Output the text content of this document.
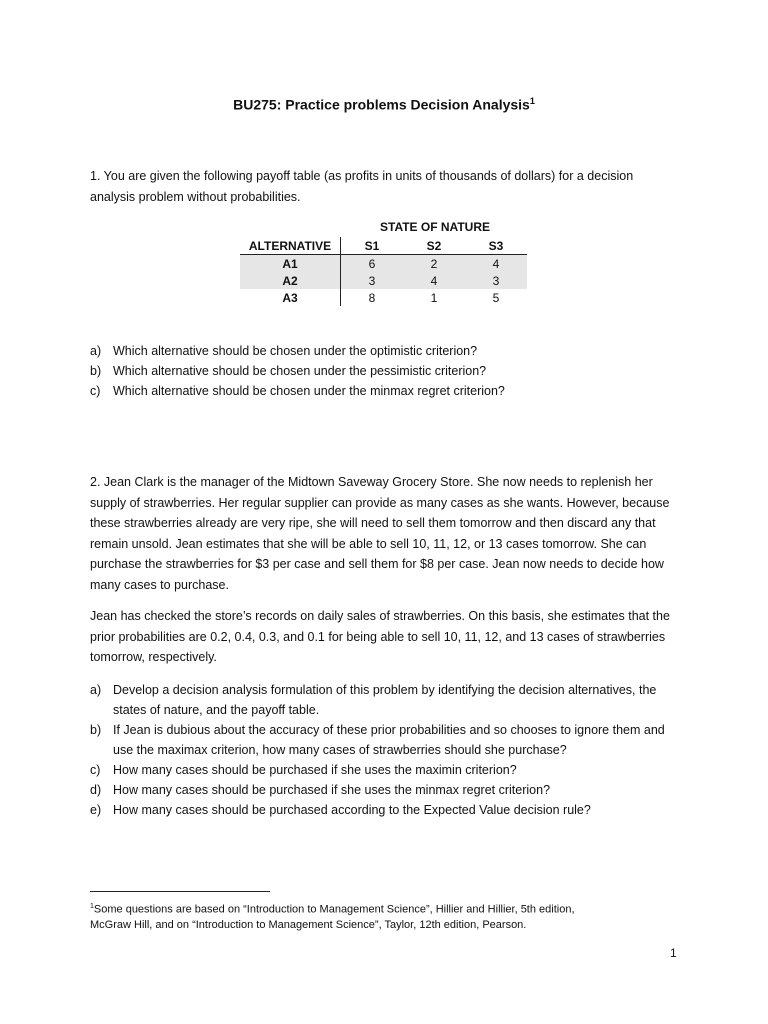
BU275: Practice problems Decision Analysis$^1$
1. You are given the following payoff table (as profits in units of thousands of dollars) for a decision analysis problem without probabilities.
STATE OF NATURE
ALTERNATIVE	S1	S2	S3
A1	6	2	4
A2	3	4	3
A3	8	1	5
a) Which alternative should be chosen under the optimistic criterion?
b) Which alternative should be chosen under the pessimistic criterion?
c) Which alternative should be chosen under the minmax regret criterion?
2. Jean Clark is the manager of the Midtown Saveway Grocery Store. She now needs to replenish her supply of strawberries. Her regular supplier can provide as many cases as she wants. However, because these strawberries already are very ripe, she will need to sell them tomorrow and then discard any that remain unsold. Jean estimates that she will be able to sell 10, 11, 12, or 13 cases tomorrow. She can purchase the strawberries for $3 per case and sell them for $8 per case. Jean now needs to decide how many cases to purchase.
Jean has checked the store’s records on daily sales of strawberries. On this basis, she estimates that the prior probabilities are 0.2, 0.4, 0.3, and 0.1 for being able to sell 10, 11, 12, and 13 cases of strawberries tomorrow, respectively.
a) Develop a decision analysis formulation of this problem by identifying the decision alternatives, the states of nature, and the payoff table.
b) If Jean is dubious about the accuracy of these prior probabilities and so chooses to ignore them and use the maximax criterion, how many cases of strawberries should she purchase?
c) How many cases should be purchased if she uses the maximin criterion?
d) How many cases should be purchased if she uses the minmax regret criterion?
e) How many cases should be purchased according to the Expected Value decision rule?
$^1$Some questions are based on “Introduction to Management Science”, Hillier and Hillier, 5th edition, McGraw Hill, and on “Introduction to Management Science”, Taylor, 12th edition, Pearson.
1
